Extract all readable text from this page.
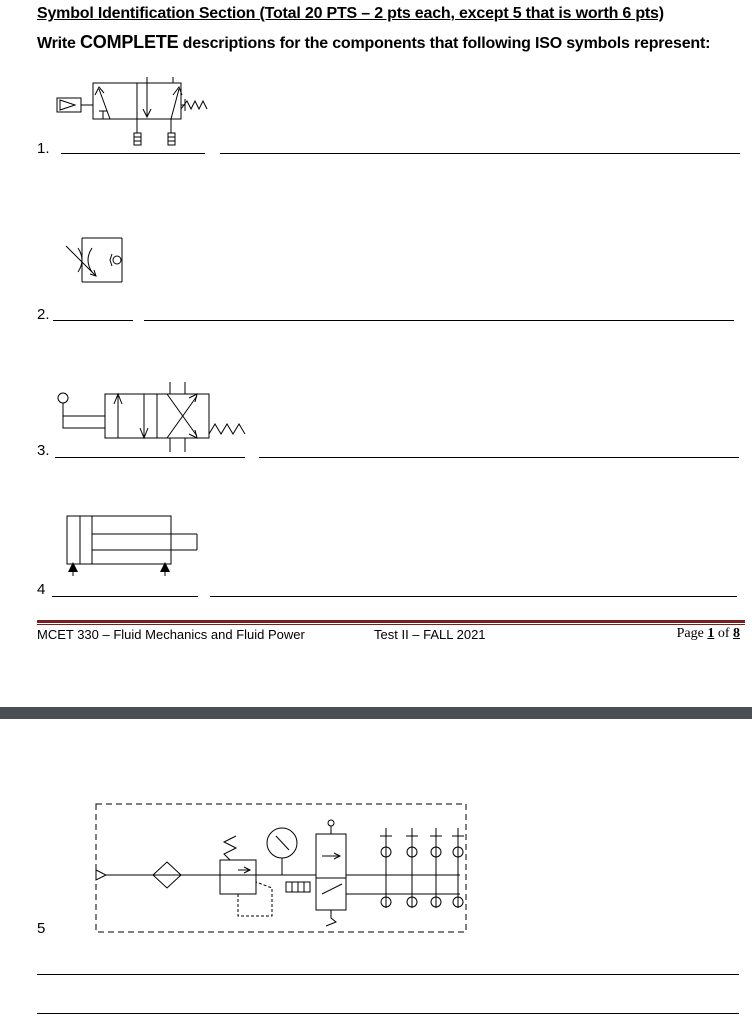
Symbol Identification Section (Total 20 PTS – 2 pts each, except 5 that is worth 6 pts)
Write COMPLETE descriptions for the components that following ISO symbols represent:
1.
2.
3.
4
MCET 330 – Fluid Mechanics and Fluid Power	Test II – FALL 2021	Page 1 of 8
5
